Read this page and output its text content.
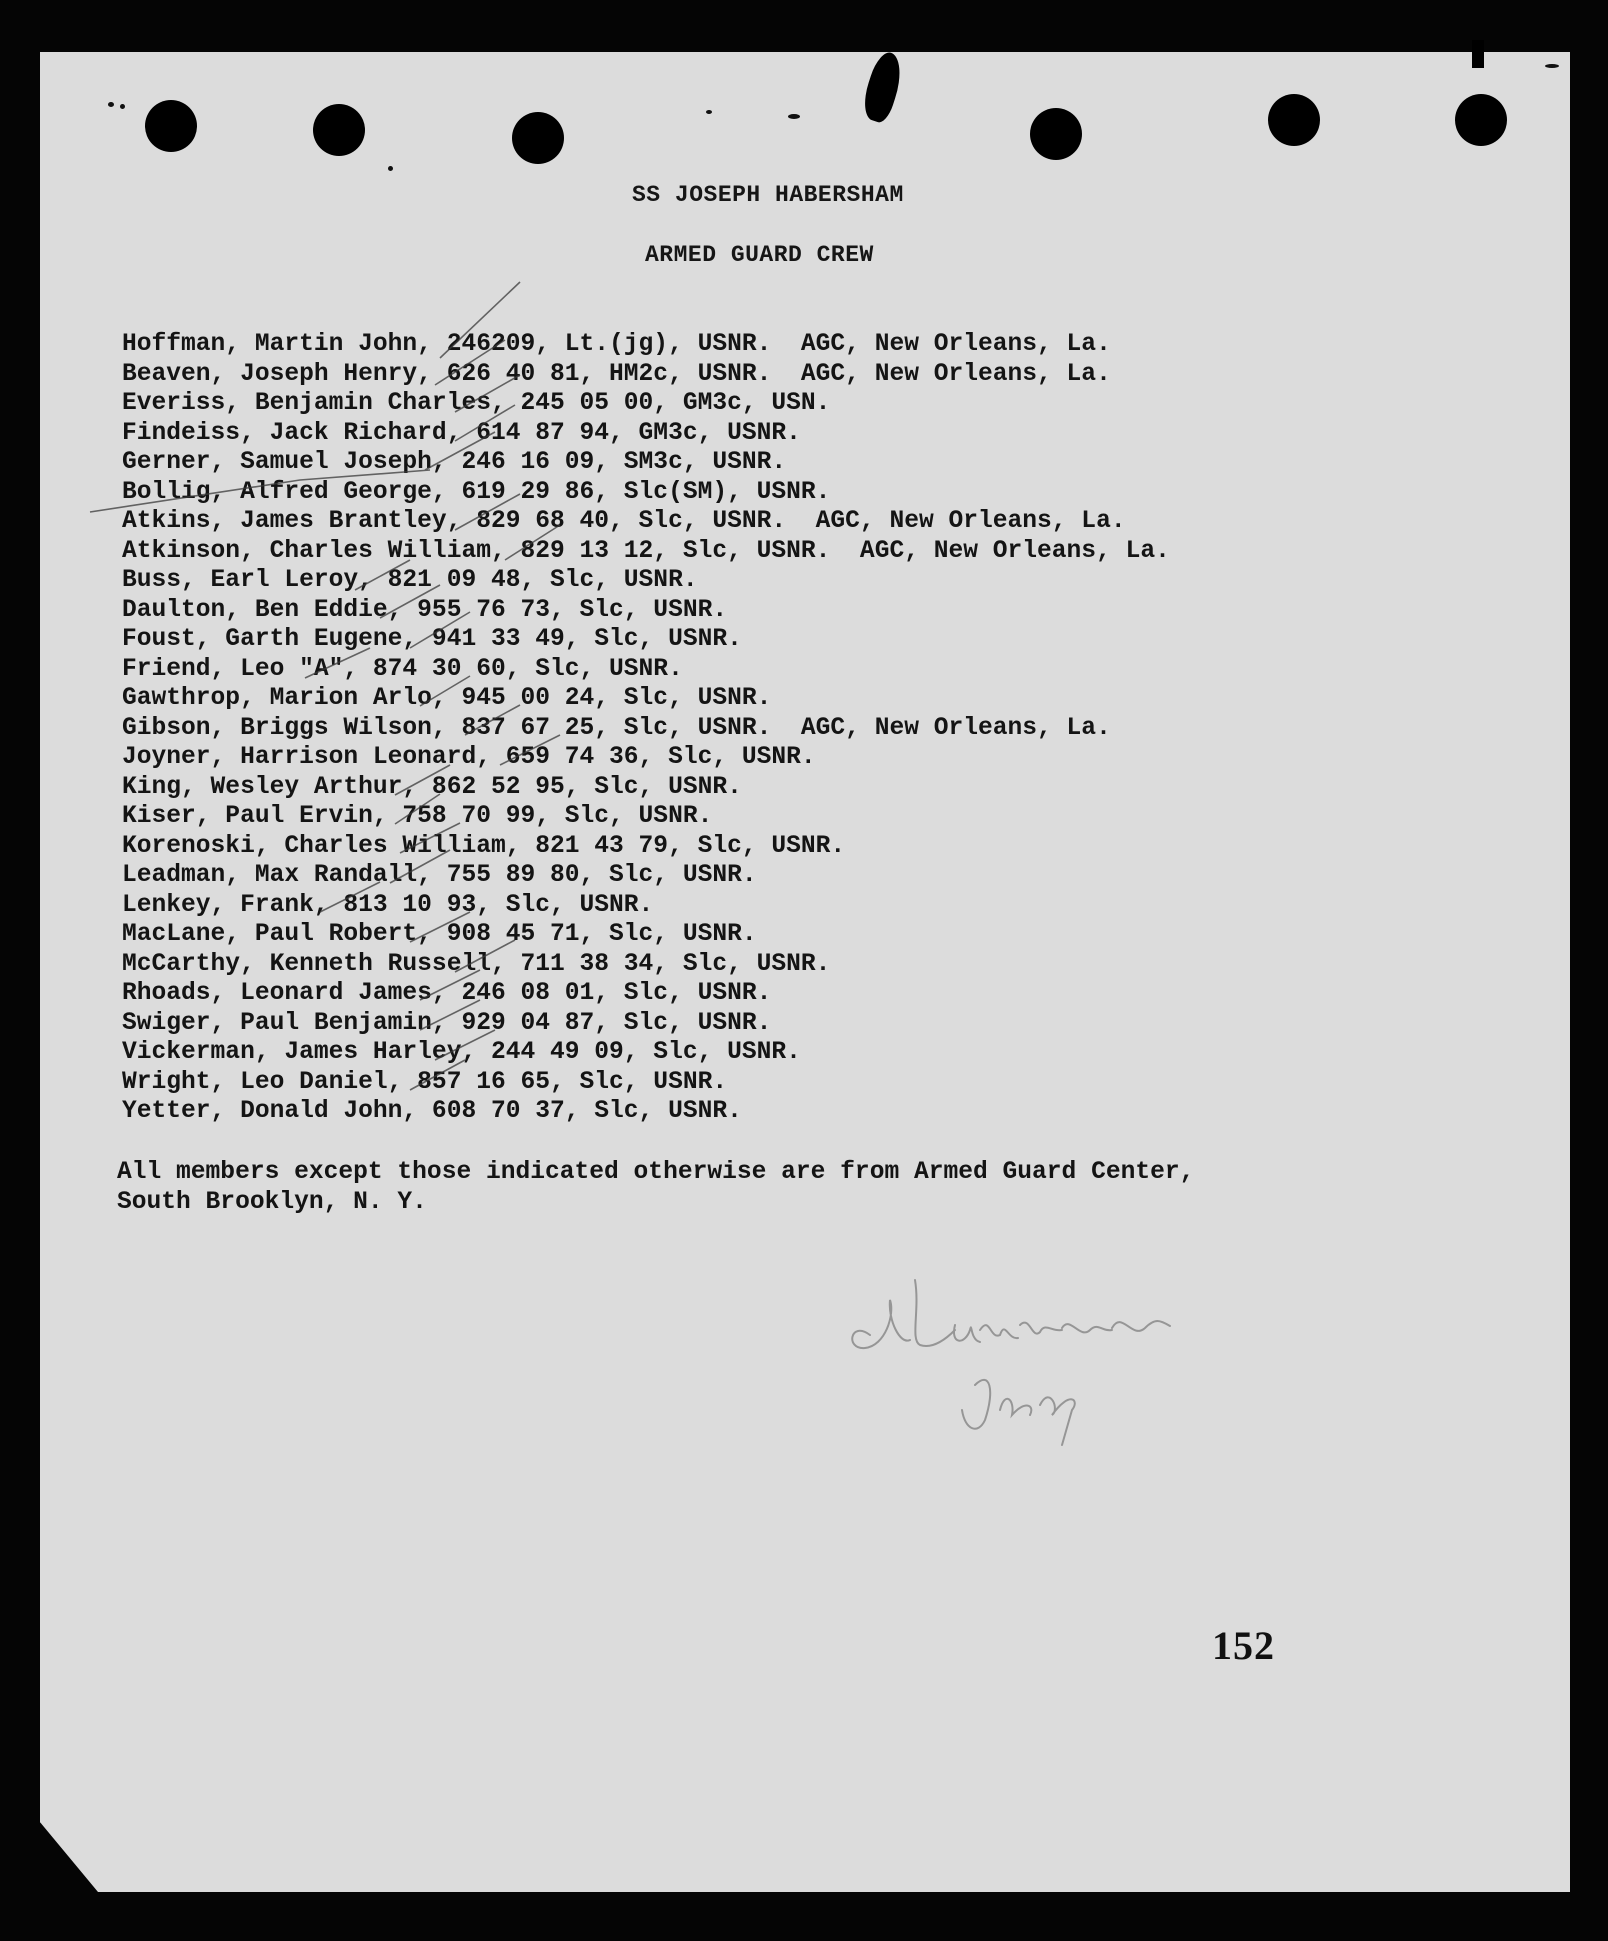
SS JOSEPH HABERSHAM
ARMED GUARD CREW
Hoffman, Martin John, 246209, Lt.(jg), USNR.  AGC, New Orleans, La.
Beaven, Joseph Henry, 626 40 81, HM2c, USNR.  AGC, New Orleans, La.
Everiss, Benjamin Charles, 245 05 00, GM3c, USN.
Findeiss, Jack Richard, 614 87 94, GM3c, USNR.
Gerner, Samuel Joseph, 246 16 09, SM3c, USNR.
Bollig, Alfred George, 619 29 86, Slc(SM), USNR.
Atkins, James Brantley, 829 68 40, Slc, USNR.  AGC, New Orleans, La.
Atkinson, Charles William, 829 13 12, Slc, USNR.  AGC, New Orleans, La.
Buss, Earl Leroy, 821 09 48, Slc, USNR.
Daulton, Ben Eddie, 955 76 73, Slc, USNR.
Foust, Garth Eugene, 941 33 49, Slc, USNR.
Friend, Leo "A", 874 30 60, Slc, USNR.
Gawthrop, Marion Arlo, 945 00 24, Slc, USNR.
Gibson, Briggs Wilson, 837 67 25, Slc, USNR.  AGC, New Orleans, La.
Joyner, Harrison Leonard, 659 74 36, Slc, USNR.
King, Wesley Arthur, 862 52 95, Slc, USNR.
Kiser, Paul Ervin, 758 70 99, Slc, USNR.
Korenoski, Charles William, 821 43 79, Slc, USNR.
Leadman, Max Randall, 755 89 80, Slc, USNR.
Lenkey, Frank, 813 10 93, Slc, USNR.
MacLane, Paul Robert, 908 45 71, Slc, USNR.
McCarthy, Kenneth Russell, 711 38 34, Slc, USNR.
Rhoads, Leonard James, 246 08 01, Slc, USNR.
Swiger, Paul Benjamin, 929 04 87, Slc, USNR.
Vickerman, James Harley, 244 49 09, Slc, USNR.
Wright, Leo Daniel, 857 16 65, Slc, USNR.
Yetter, Donald John, 608 70 37, Slc, USNR.
All members except those indicated otherwise are from Armed Guard Center,
South Brooklyn, N. Y.
152
